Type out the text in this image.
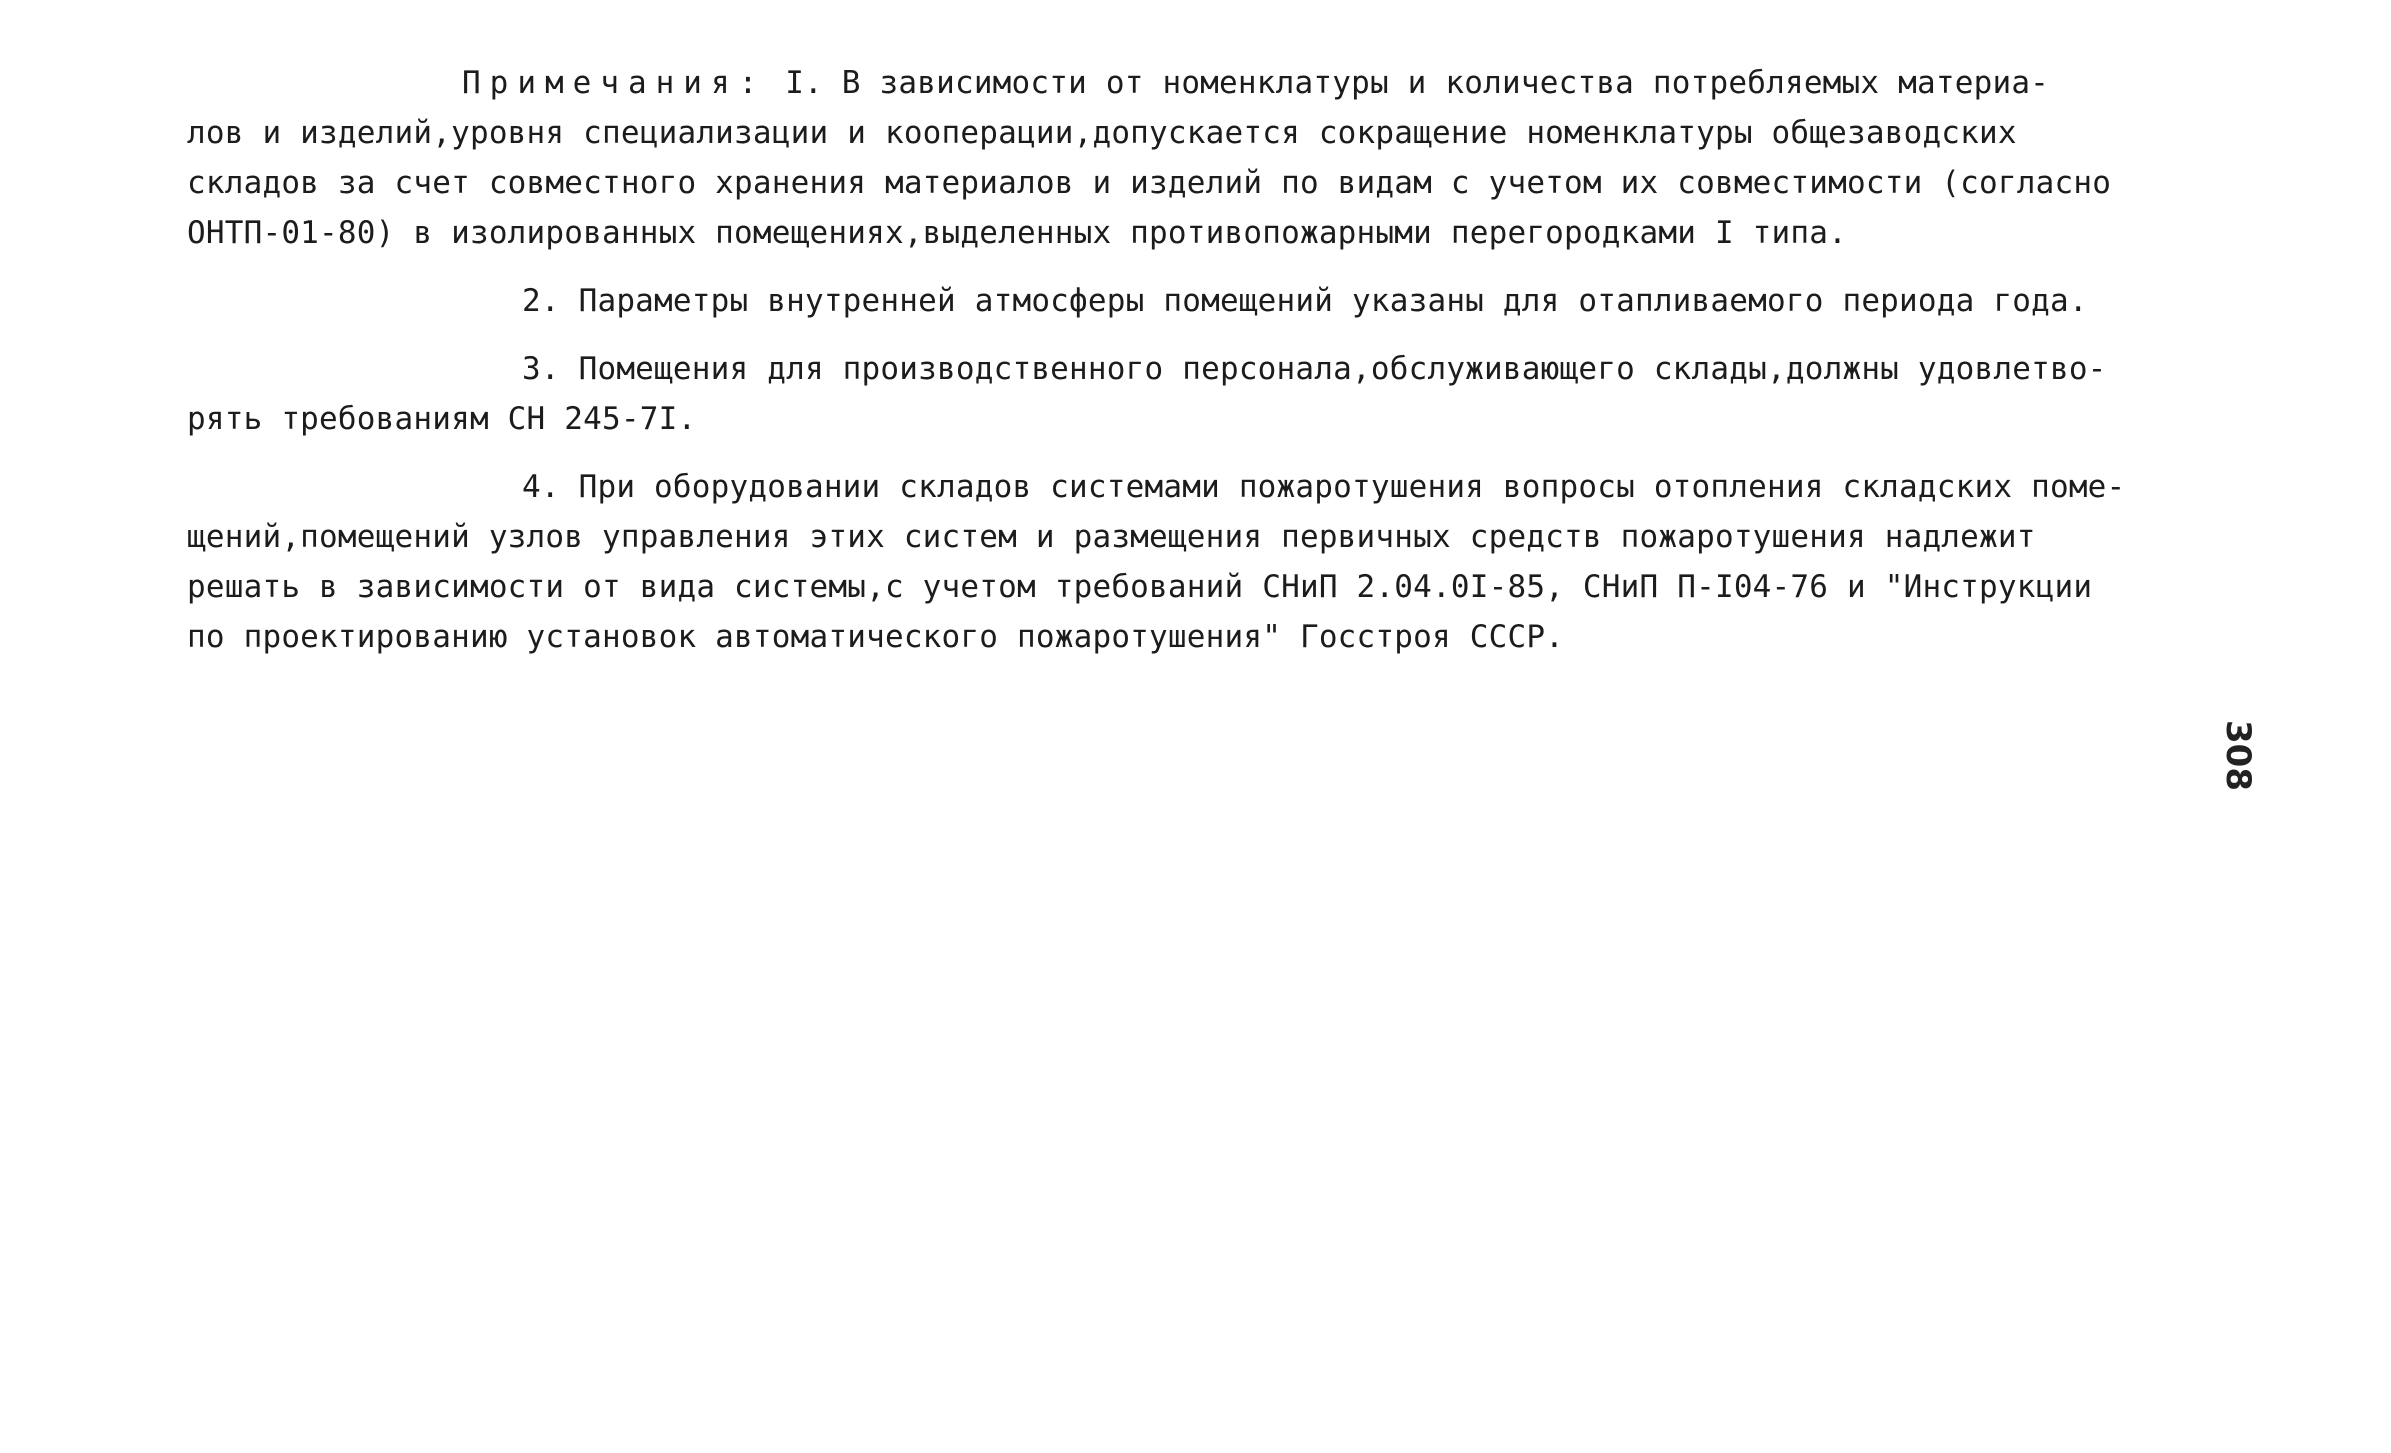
Примечания: I. В зависимости от номенклатуры и количества потребляемых материа-
лов и изделий,уровня специализации и кооперации,допускается сокращение номенклатуры общезаводских
складов за счет совместного хранения материалов и изделий по видам с учетом их совместимости (согласно
ОНТП-01-80) в изолированных помещениях,выделенных противопожарными перегородками I типа.
2. Параметры внутренней атмосферы помещений указаны для отапливаемого периода года.
3. Помещения для производственного персонала,обслуживающего склады,должны удовлетво-
рять требованиям СН 245-7I.
4. При оборудовании складов системами пожаротушения вопросы отопления складских поме-
щений,помещений узлов управления этих систем и размещения первичных средств пожаротушения надлежит
решать в зависимости от вида системы,с учетом требований СНиП 2.04.0I-85, СНиП П-I04-76 и "Инструкции
по проектированию установок автоматического пожаротушения" Госстроя СССР.
308
